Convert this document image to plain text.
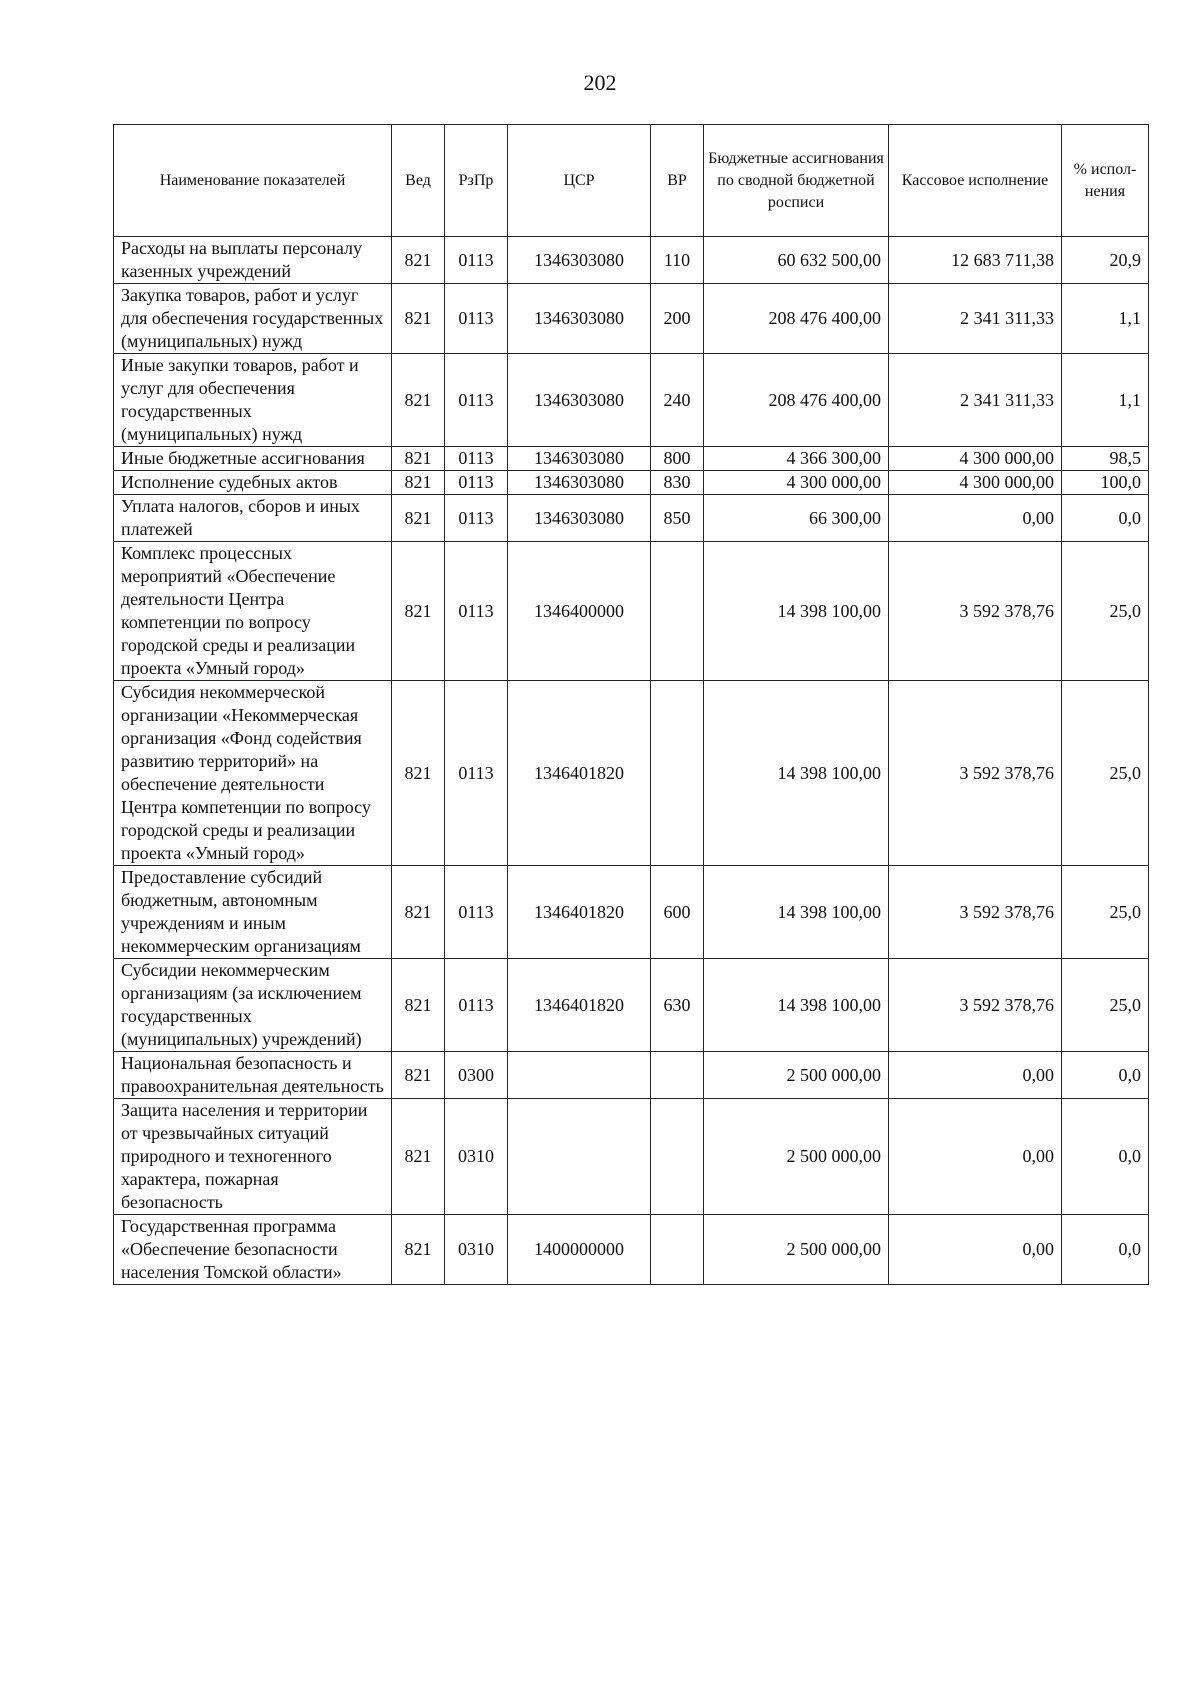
202
Наименование показателей	Вед	РзПр	ЦСР	ВР	Бюджетные ассигнования по сводной бюджетной росписи	Кассовое исполнение	% испол-нения
Расходы на выплаты персоналу казенных учреждений	821	0113	1346303080	110	60 632 500,00	12 683 711,38	20,9
Закупка товаров, работ и услуг для обеспечения государственных (муниципальных) нужд	821	0113	1346303080	200	208 476 400,00	2 341 311,33	1,1
Иные закупки товаров, работ и услуг для обеспечения государственных (муниципальных) нужд	821	0113	1346303080	240	208 476 400,00	2 341 311,33	1,1
Иные бюджетные ассигнования	821	0113	1346303080	800	4 366 300,00	4 300 000,00	98,5
Исполнение судебных актов	821	0113	1346303080	830	4 300 000,00	4 300 000,00	100,0
Уплата налогов, сборов и иных платежей	821	0113	1346303080	850	66 300,00	0,00	0,0
Комплекс процессных мероприятий «Обеспечение деятельности Центра компетенции по вопросу городской среды и реализации проекта «Умный город»	821	0113	1346400000		14 398 100,00	3 592 378,76	25,0
Субсидия некоммерческой организации «Некоммерческая организация «Фонд содействия развитию территорий» на обеспечение деятельности Центра компетенции по вопросу городской среды и реализации проекта «Умный город»	821	0113	1346401820		14 398 100,00	3 592 378,76	25,0
Предоставление субсидий бюджетным, автономным учреждениям и иным некоммерческим организациям	821	0113	1346401820	600	14 398 100,00	3 592 378,76	25,0
Субсидии некоммерческим организациям (за исключением государственных (муниципальных) учреждений)	821	0113	1346401820	630	14 398 100,00	3 592 378,76	25,0
Национальная безопасность и правоохранительная деятельность	821	0300			2 500 000,00	0,00	0,0
Защита населения и территории от чрезвычайных ситуаций природного и техногенного характера, пожарная безопасность	821	0310			2 500 000,00	0,00	0,0
Государственная программа «Обеспечение безопасности населения Томской области»	821	0310	1400000000		2 500 000,00	0,00	0,0
